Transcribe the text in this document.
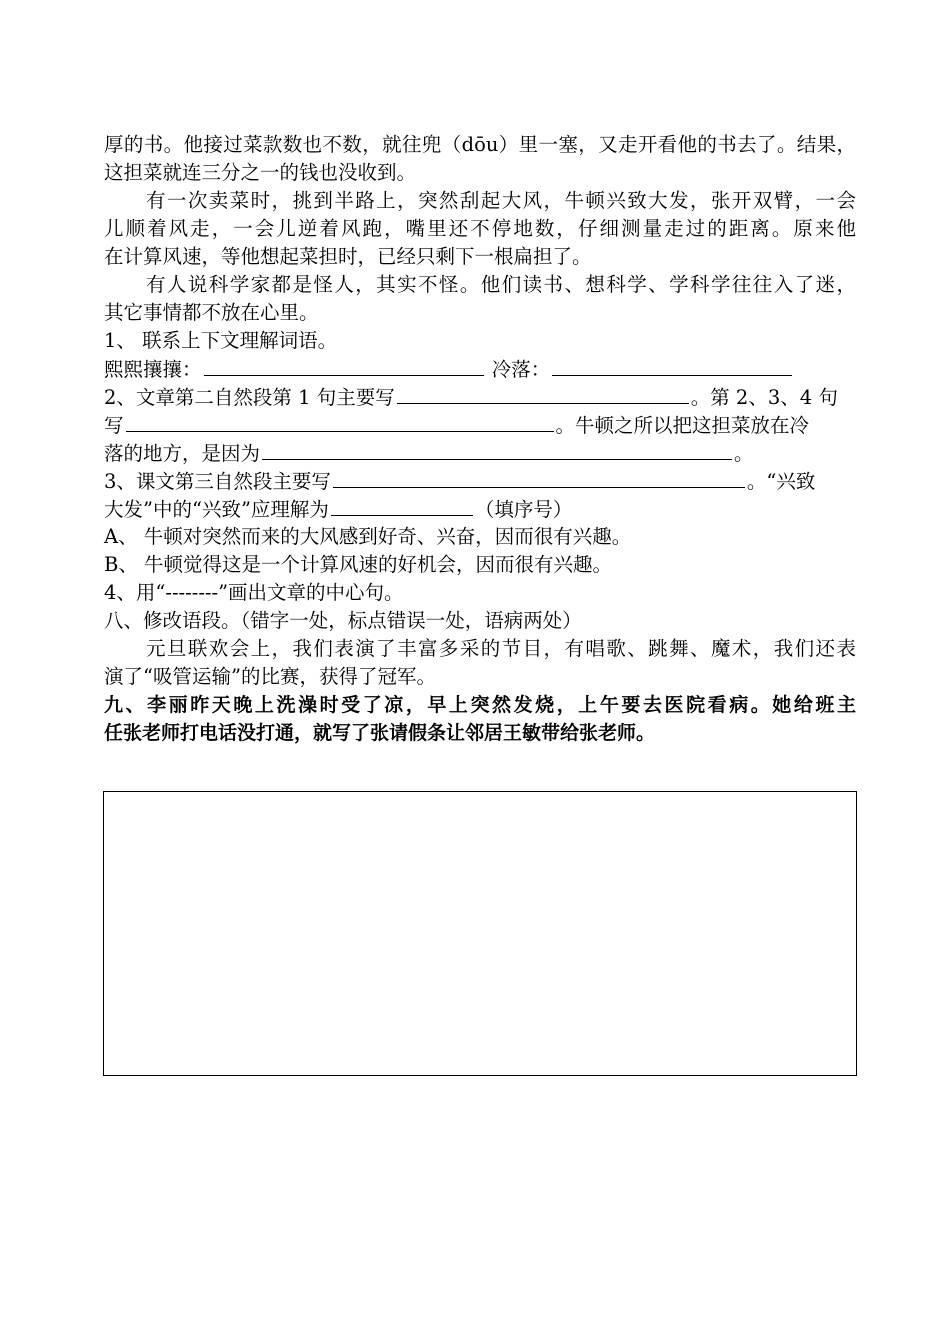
厚的书。他接过菜款数也不数，就往兜（dōu）里一塞，又走开看他的书去了。结果，
这担菜就连三分之一的钱也没收到。
有一次卖菜时，挑到半路上，突然刮起大风，牛顿兴致大发，张开双臂，一会
儿顺着风走，一会儿逆着风跑，嘴里还不停地数，仔细测量走过的距离。原来他
在计算风速，等他想起菜担时，已经只剩下一根扁担了。
有人说科学家都是怪人，其实不怪。他们读书、想科学、学科学往往入了迷，
其它事情都不放在心里。
1、 联系上下文理解词语。
熙熙攘攘：	冷落：
2、文章第二自然段第 1 句主要写	。第 2、3、4 句
写	。牛顿之所以把这担菜放在冷
落的地方，是因为	。
3、课文第三自然段主要写	。“兴致
大发”中的“兴致”应理解为	（填序号）
A、 牛顿对突然而来的大风感到好奇、兴奋，因而很有兴趣。
B、 牛顿觉得这是一个计算风速的好机会，因而很有兴趣。
4、用“--------”画出文章的中心句。
八、修改语段。（错字一处，标点错误一处，语病两处）
元旦联欢会上，我们表演了丰富多采的节目，有唱歌、跳舞、魔术，我们还表
演了“吸管运输”的比赛，获得了冠军。
九、李丽昨天晚上洗澡时受了凉，早上突然发烧，上午要去医院看病。她给班主
任张老师打电话没打通，就写了张请假条让邻居王敏带给张老师。
